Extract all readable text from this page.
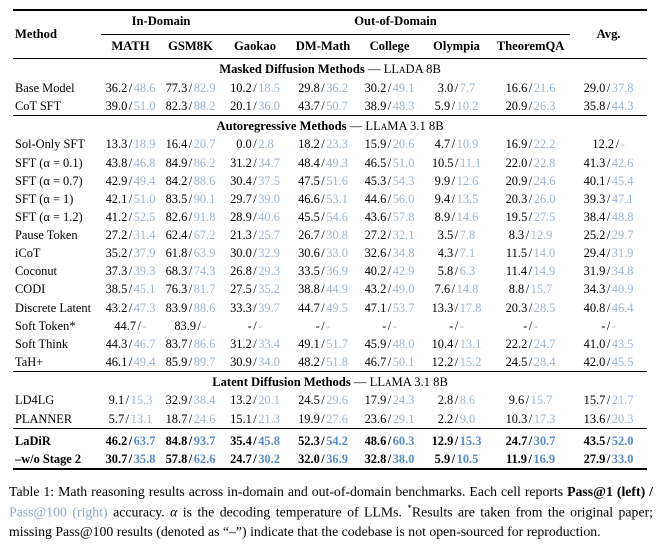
Method	In-Domain		Out-of-Domain					Avg.
	MATH	GSM8K	Gaokao	DM-Math	College	Olympia	TheoremQA	
Masked Diffusion Methods — LLaDA 8B								
Base Model	36.2 / 48.6	77.3 / 82.9	10.2 / 18.5	29.8 / 36.2	30.2 / 49.1	3.0 / 7.7	16.6 / 21.6	29.0 / 37.8
CoT SFT	39.0 / 51.0	82.3 / 88.2	20.1 / 36.0	43.7 / 50.7	38.9 / 48.3	5.9 / 10.2	20.9 / 26.3	35.8 / 44.3
Autoregressive Methods — LLaMA 3.1 8B								
Sol-Only SFT	13.3 / 18.9	16.4 / 20.7	0.0 / 2.8	18.2 / 23.3	15.9 / 20.6	4.7 / 10.9	16.9 / 22.2	12.2 / -
SFT (α = 0.1)	43.8 / 46.8	84.9 / 86.2	31.2 / 34.7	48.4 / 49.3	46.5 / 51.0	10.5 / 11.1	22.0 / 22.8	41.3 / 42.6
SFT (α = 0.7)	42.9 / 49.4	84.2 / 88.6	30.4 / 37.5	47.5 / 51.6	45.3 / 54.3	9.9 / 12.6	20.9 / 24.6	40.1 / 45.4
SFT (α = 1)	42.1 / 51.0	83.5 / 90.1	29.7 / 39.0	46.6 / 53.1	44.6 / 56.0	9.4 / 13.5	20.3 / 26.0	39.3 / 47.1
SFT (α = 1.2)	41.2 / 52.5	82.6 / 91.8	28.9 / 40.6	45.5 / 54.6	43.6 / 57.8	8.9 / 14.6	19.5 / 27.5	38.4 / 48.8
Pause Token	27.2 / 31.4	62.4 / 67.2	21.3 / 25.7	26.7 / 30.8	27.2 / 32.1	3.5 / 7.8	8.3 / 12.9	25.2 / 29.7
iCoT	35.2 / 37.9	61.8 / 63.9	30.0 / 32.9	30.6 / 33.0	32.6 / 34.8	4.3 / 7.1	11.5 / 14.0	29.4 / 31.9
Coconut	37.3 / 39.3	68.3 / 74.3	26.8 / 29.3	33.5 / 36.9	40.2 / 42.9	5.8 / 6.3	11.4 / 14.9	31.9 / 34.8
CODI	38.5 / 45.1	76.3 / 81.7	27.5 / 35.2	38.8 / 44.9	43.2 / 49.0	7.6 / 14.8	8.8 / 15.7	34.3 / 40.9
Discrete Latent	43.2 / 47.3	83.9 / 88.6	33.3 / 39.7	44.7 / 49.5	47.1 / 53.7	13.3 / 17.8	20.3 / 28.5	40.8 / 46.4
Soft Token*	44.7 / -	83.9 / -	- / -	- / -	- / -	- / -	- / -	- / -
Soft Think	44.3 / 46.7	83.7 / 86.6	31.2 / 33.4	49.1 / 51.7	45.9 / 48.0	10.4 / 13.1	22.2 / 24.7	41.0 / 43.5
TaH+	46.1 / 49.4	85.9 / 89.7	30.9 / 34.0	48.2 / 51.8	46.7 / 50.1	12.2 / 15.2	24.5 / 28.4	42.0 / 45.5
Latent Diffusion Methods — LLaMA 3.1 8B								
LD4LG	9.1 / 15.3	32.9 / 38.4	13.2 / 20.1	24.5 / 29.6	17.9 / 24.3	2.8 / 8.6	9.6 / 15.7	15.7 / 21.7
PLANNER	5.7 / 13.1	18.7 / 24.6	15.1 / 21.3	19.9 / 27.6	23.6 / 29.1	2.2 / 9.0	10.3 / 17.3	13.6 / 20.3
LaDiR	46.2 / 63.7	84.8 / 93.7	35.4 / 45.8	52.3 / 54.2	48.6 / 60.3	12.9 / 15.3	24.7 / 30.7	43.5 / 52.0
–w/o Stage 2	30.7 / 35.8	57.8 / 62.6	24.7 / 30.2	32.0 / 36.9	32.8 / 38.0	5.9 / 10.5	11.9 / 16.9	27.9 / 33.0

Table 1: Math reasoning results across in-domain and out-of-domain benchmarks. Each cell reports Pass@1 (left) / Pass@100 (right) accuracy. α is the decoding temperature of LLMs. *Results are taken from the original paper; missing Pass@100 results (denoted as “–”) indicate that the codebase is not open-sourced for reproduction.
